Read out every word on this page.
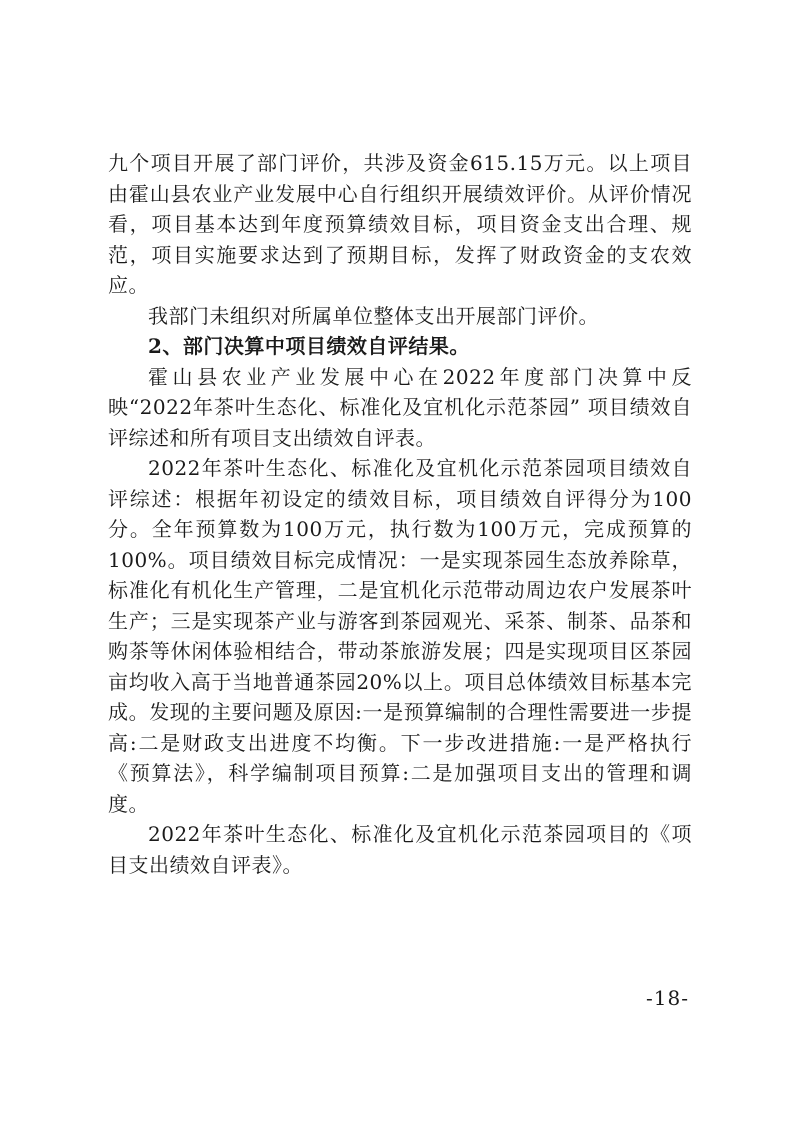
九个项目开展了部门评价，共涉及资金615.15万元。以上项目由霍山县农业产业发展中心自行组织开展绩效评价。从评价情况看，项目基本达到年度预算绩效目标，项目资金支出合理、规范，项目实施要求达到了预期目标，发挥了财政资金的支农效应。

我部门未组织对所属单位整体支出开展部门评价。

2、部门决算中项目绩效自评结果。

霍山县农业产业发展中心在2022年度部门决算中反映“2022年茶叶生态化、标准化及宜机化示范茶园” 项目绩效自评综述和所有项目支出绩效自评表。

2022年茶叶生态化、标准化及宜机化示范茶园项目绩效自评综述：根据年初设定的绩效目标，项目绩效自评得分为100分。全年预算数为100万元，执行数为100万元，完成预算的100%。项目绩效目标完成情况：一是实现茶园生态放养除草，标准化有机化生产管理，二是宜机化示范带动周边农户发展茶叶生产；三是实现茶产业与游客到茶园观光、采茶、制茶、品茶和购茶等休闲体验相结合，带动茶旅游发展；四是实现项目区茶园亩均收入高于当地普通茶园20%以上。项目总体绩效目标基本完成。发现的主要问题及原因:一是预算编制的合理性需要进一步提高:二是财政支出进度不均衡。下一步改进措施:一是严格执行《预算法》，科学编制项目预算:二是加强项目支出的管理和调度。

2022年茶叶生态化、标准化及宜机化示范茶园项目的《项目支出绩效自评表》。

-18-
